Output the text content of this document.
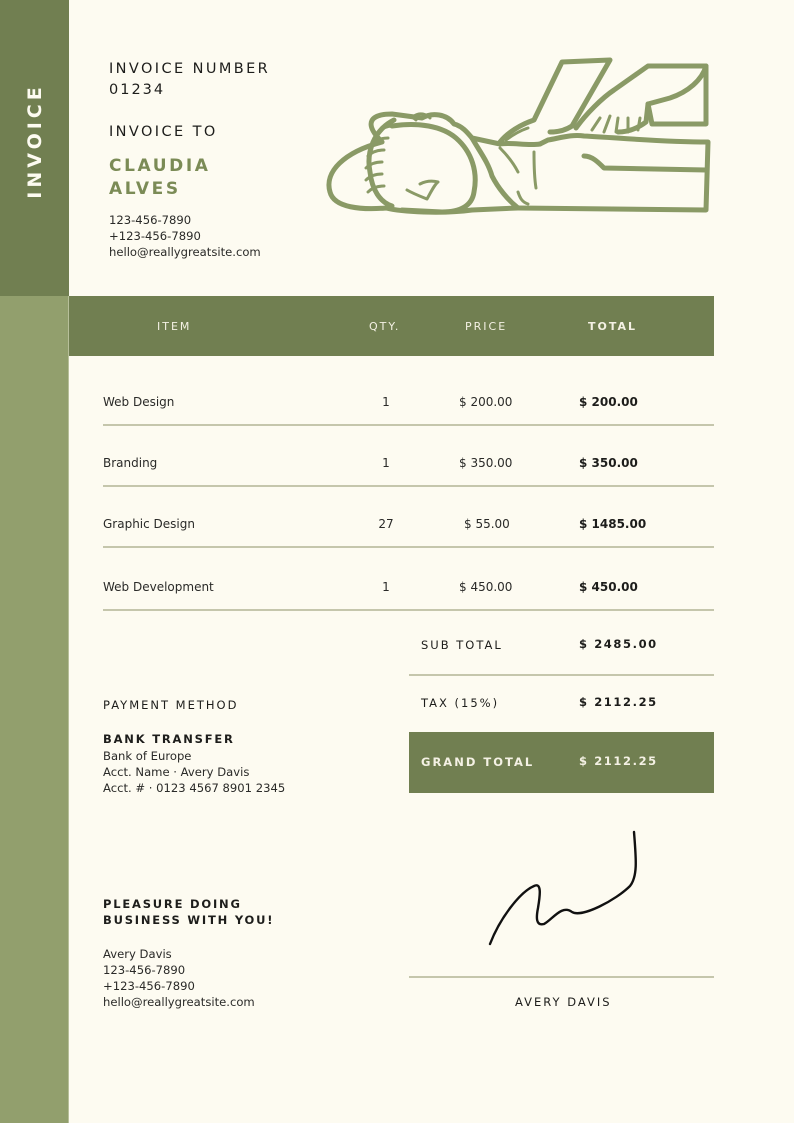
INVOICE
INVOICE NUMBER
01234
INVOICE TO
CLAUDIA
ALVES
123-456-7890
+123-456-7890
hello@reallygreatsite.com
ITEM	QTY.	PRICE	TOTAL
Web Design	1	$ 200.00	$ 200.00
Branding	1	$ 350.00	$ 350.00
Graphic Design	27	$ 55.00	$ 1485.00
Web Development	1	$ 450.00	$ 450.00
SUB TOTAL	$ 2485.00
TAX (15%)	$ 2112.25
GRAND TOTAL	$ 2112.25
PAYMENT METHOD
BANK TRANSFER
Bank of Europe
Acct. Name · Avery Davis
Acct. # · 0123 4567 8901 2345
PLEASURE DOING
BUSINESS WITH YOU!
Avery Davis
123-456-7890
+123-456-7890
hello@reallygreatsite.com	AVERY DAVIS
